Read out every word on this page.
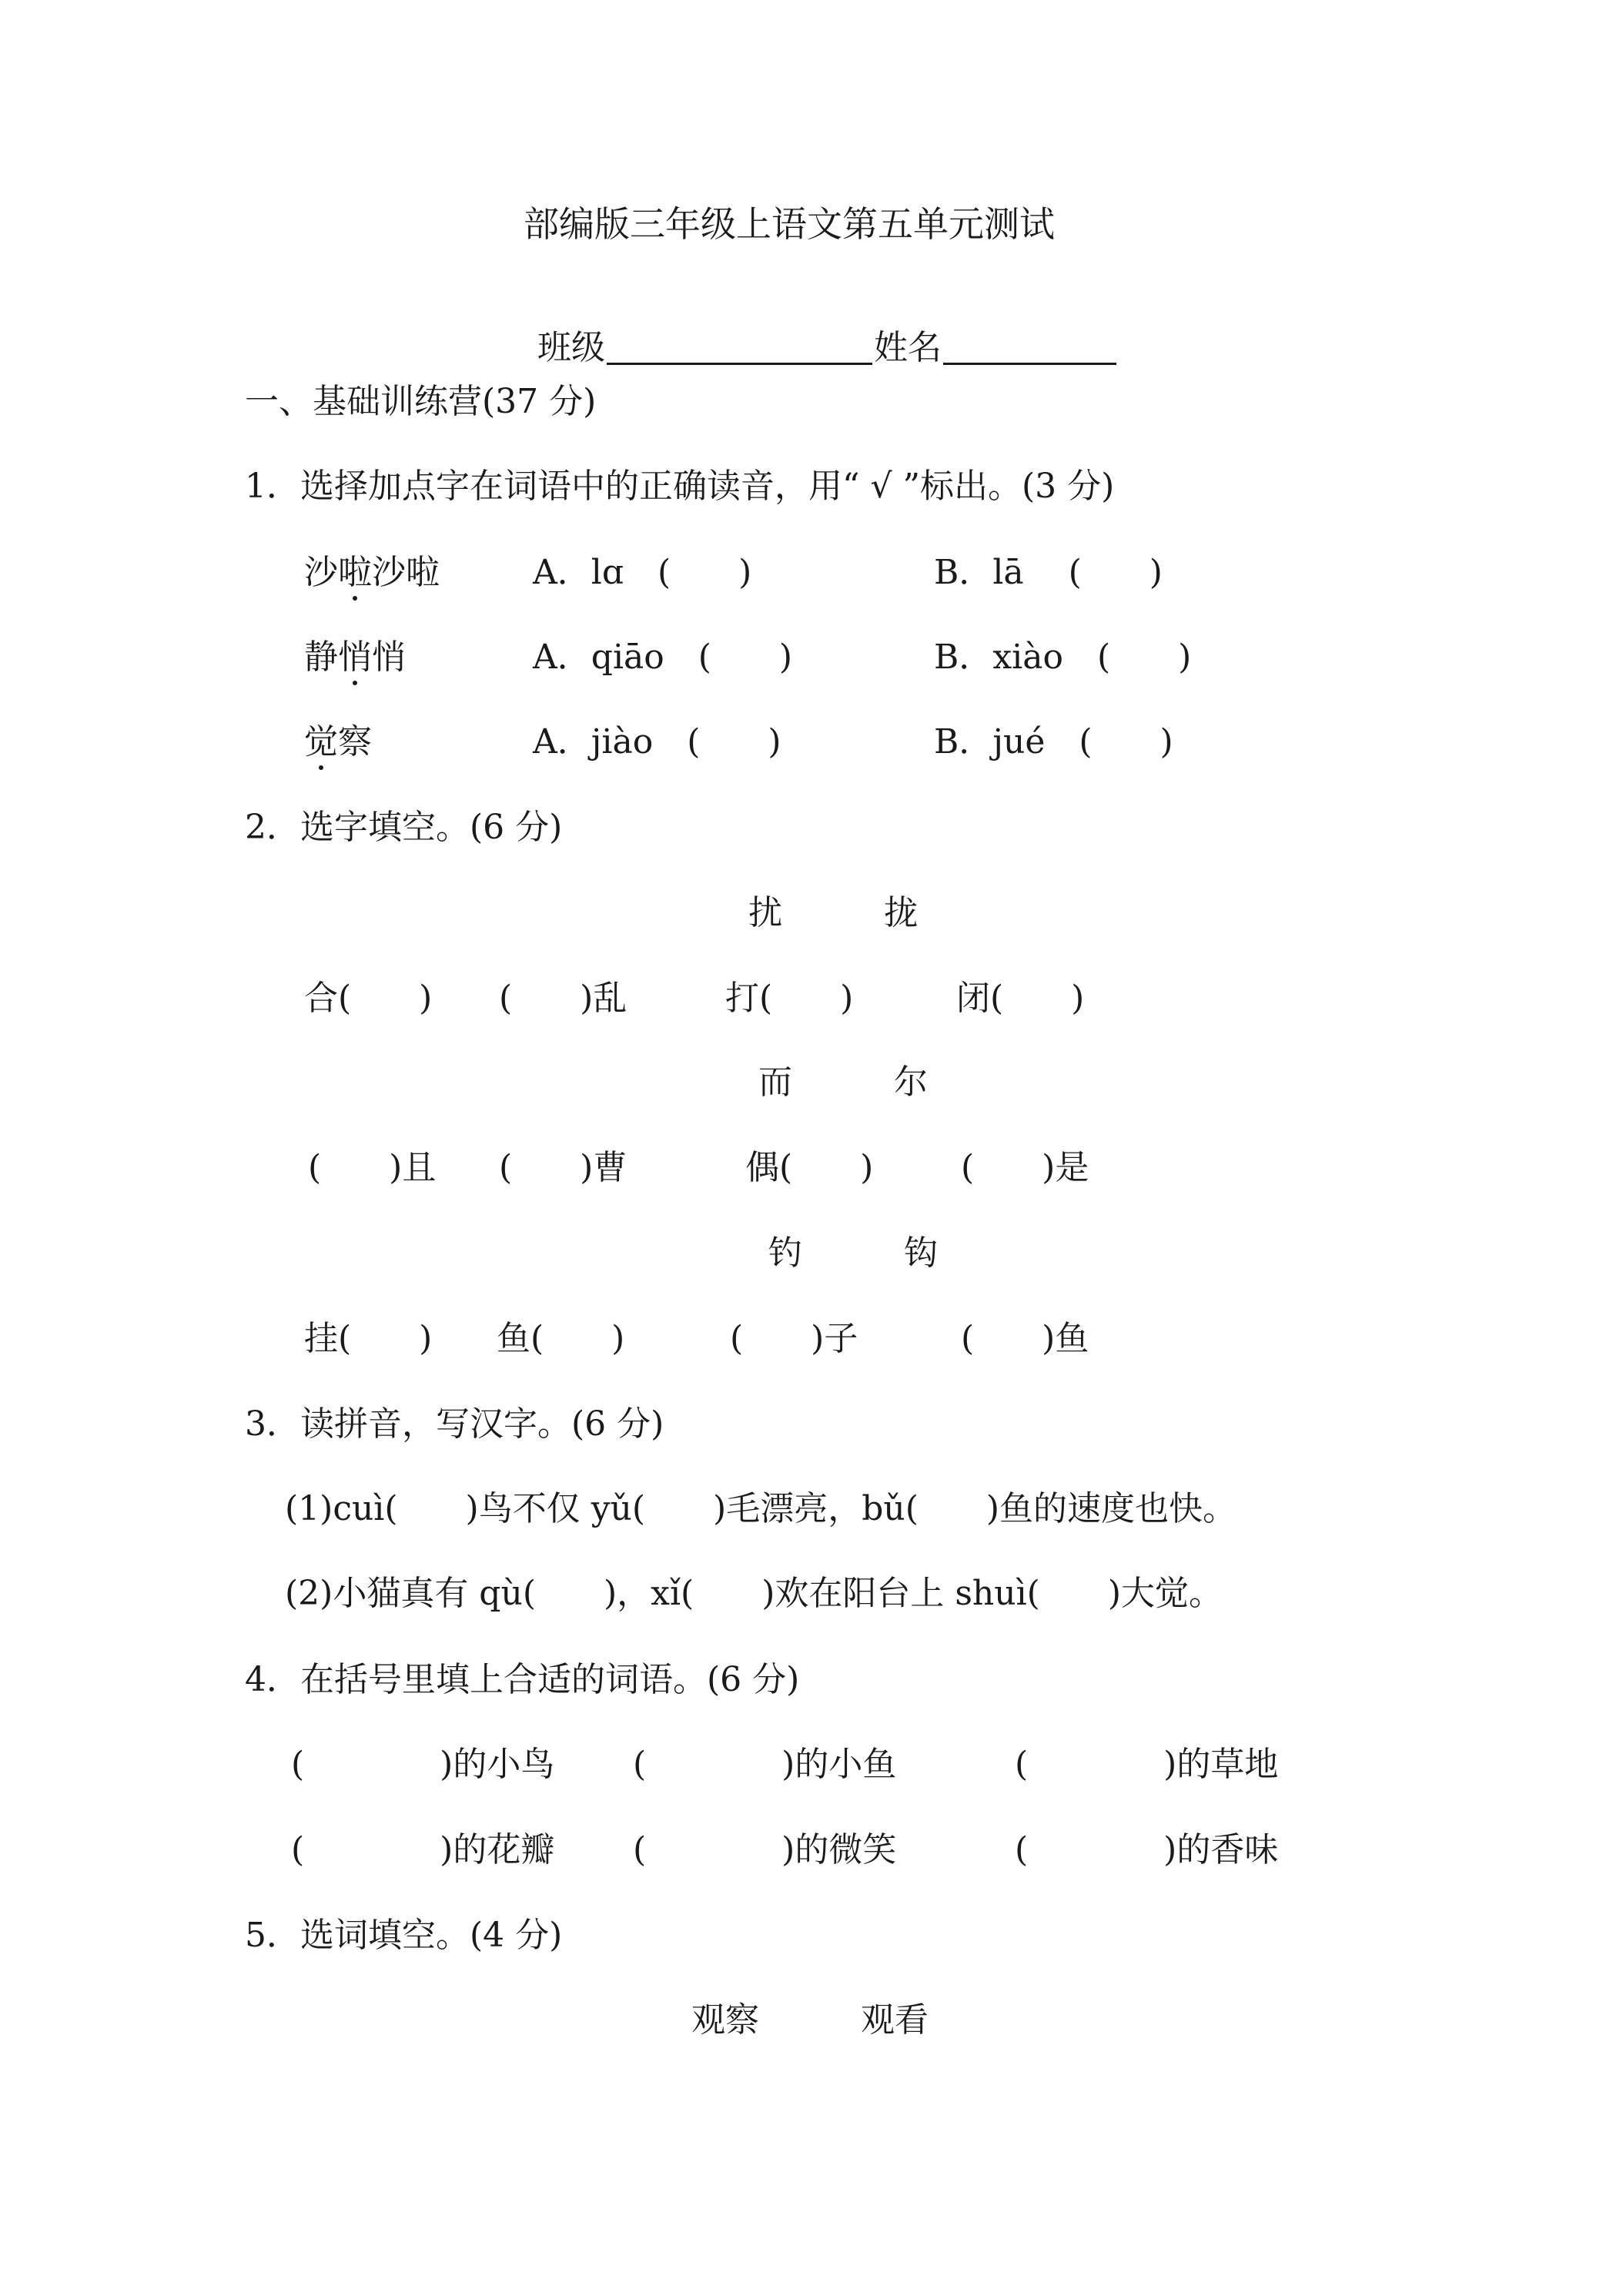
部编版三年级上语文第五单元测试

班级	姓名

一、基础训练营(37 分)
1．选择加点字在词语中的正确读音，用“ √ ”标出。(3 分)
沙啦沙啦	A．lɑ　(　　)	B．lā　 (　　)
静悄悄	A．qiāo　(　　)	B．xiào　(　　)
觉察	A．jiào　(　　)	B．jué　(　　)
2．选字填空。(6 分)
扰　　　拢
合(　　) (　　)乱	打(　　)	闭(　　)
而　　　尔
(　　)且 (　　)曹	偶(　　)	(　　)是
钓　　　钩
挂(　　) 鱼(　　)	(　　)子	(　　)鱼
3．读拼音，写汉字。(6 分)
(1)cuì(　　)鸟不仅 yǔ(　　)毛漂亮，bǔ(　　)鱼的速度也快。
(2)小猫真有 qù(　　)，xǐ(　　)欢在阳台上 shuì(　　)大觉。
4．在括号里填上合适的词语。(6 分)
(　　　　)的小鸟 (　　　　)的小鱼	(　　　　)的草地
(　　　　)的花瓣 (　　　　)的微笑	(　　　　)的香味
5．选词填空。(4 分)
观察　　　观看
